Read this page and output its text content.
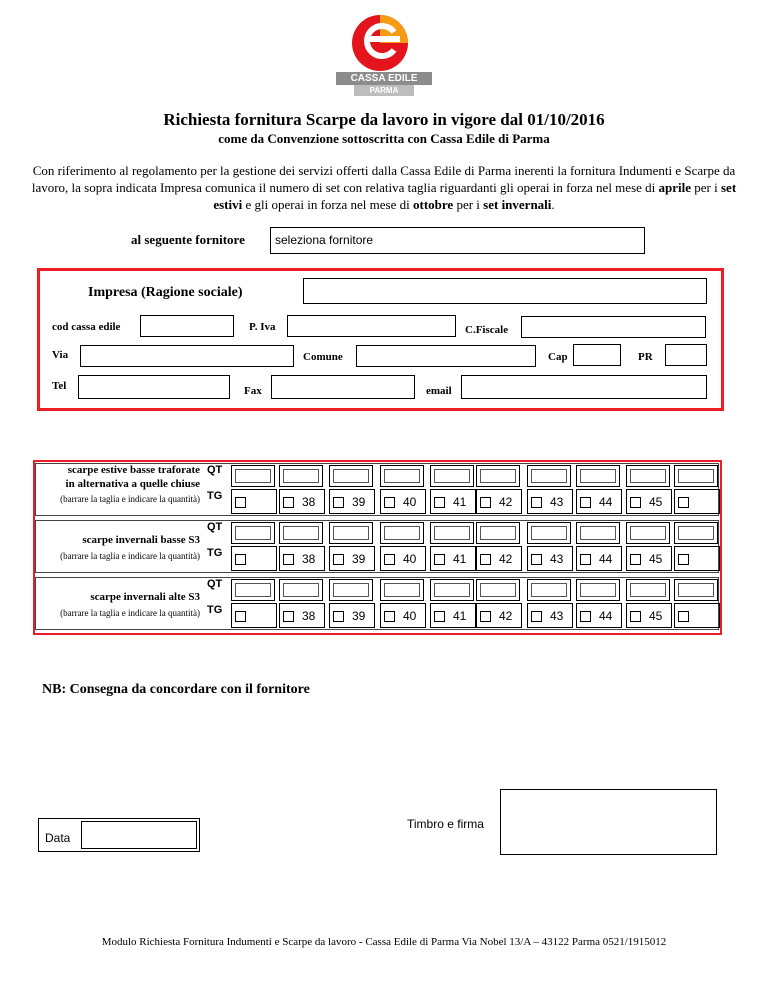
CASSA EDILE
PARMA
Richiesta fornitura Scarpe da lavoro in vigore dal 01/10/2016
come da Convenzione sottoscritta con Cassa Edile di Parma
Con riferimento al regolamento per la gestione dei servizi offerti dalla Cassa Edile di Parma inerenti la fornitura Indumenti e Scarpe da lavoro, la sopra indicata Impresa comunica il numero di set con relativa taglia riguardanti gli operai in forza nel mese di aprile per i set estivi e gli operai in forza nel mese di ottobre per i set invernali.
al seguente fornitore	seleziona fornitore
Impresa (Ragione sociale)
cod cassa edile	P. Iva	C.Fiscale
Via	Comune	Cap	PR
Tel	Fax	email
scarpe estive basse traforate
in alternativa a quelle chiuse
(barrare la taglia e indicare la quantità)
QT
TG	38	39	40	41	42	43	44	45
scarpe invernali basse S3
(barrare la taglia e indicare la quantità)
QT
TG	38	39	40	41	42	43	44	45
scarpe invernali alte S3
(barrare la taglia e indicare la quantità)
QT
TG	38	39	40	41	42	43	44	45
NB: Consegna da concordare con il fornitore
Timbro e firma
Data
Modulo Richiesta Fornitura Indumenti e Scarpe da lavoro - Cassa Edile di Parma Via Nobel 13/A – 43122 Parma 0521/1915012
